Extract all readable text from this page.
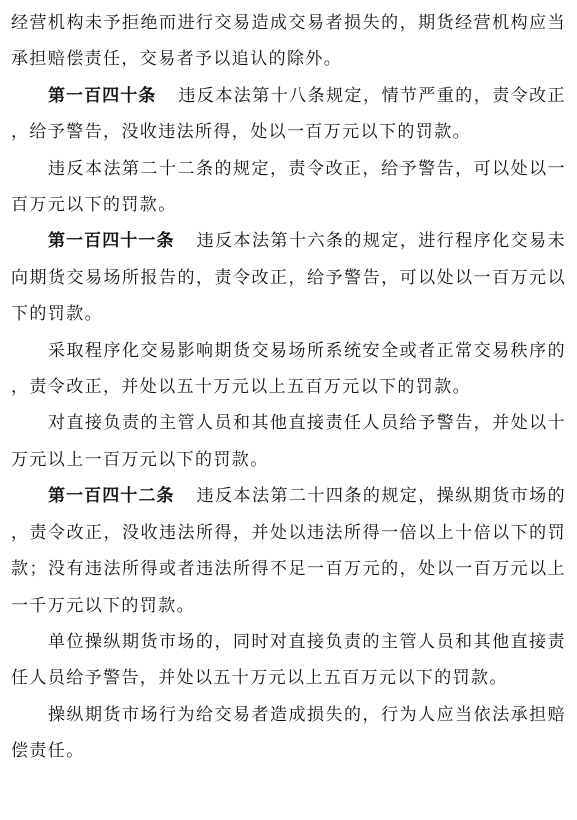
经营机构未予拒绝而进行交易造成交易者损失的，期货经营机构应当承担赔偿责任，交易者予以追认的除外。

第一百四十条 违反本法第十八条规定，情节严重的，责令改正，给予警告，没收违法所得，处以一百万元以下的罚款。

违反本法第二十二条的规定，责令改正，给予警告，可以处以一百万元以下的罚款。

第一百四十一条 违反本法第十六条的规定，进行程序化交易未向期货交易场所报告的，责令改正，给予警告，可以处以一百万元以下的罚款。

采取程序化交易影响期货交易场所系统安全或者正常交易秩序的，责令改正，并处以五十万元以上五百万元以下的罚款。

对直接负责的主管人员和其他直接责任人员给予警告，并处以十万元以上一百万元以下的罚款。

第一百四十二条 违反本法第二十四条的规定，操纵期货市场的，责令改正，没收违法所得，并处以违法所得一倍以上十倍以下的罚款；没有违法所得或者违法所得不足一百万元的，处以一百万元以上一千万元以下的罚款。

单位操纵期货市场的，同时对直接负责的主管人员和其他直接责任人员给予警告，并处以五十万元以上五百万元以下的罚款。

操纵期货市场行为给交易者造成损失的，行为人应当依法承担赔偿责任。
